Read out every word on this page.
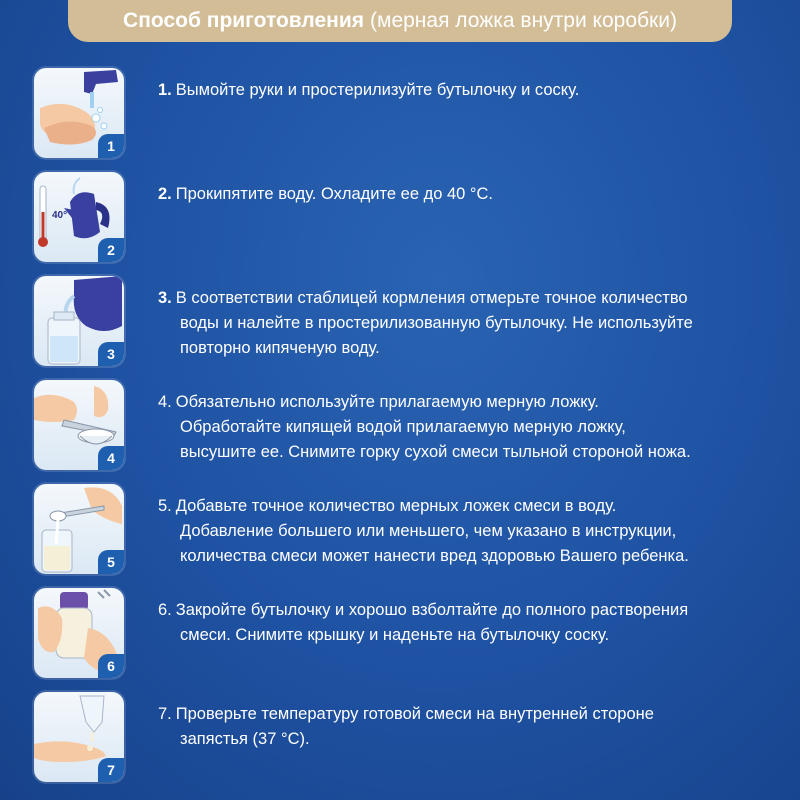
Способ приготовления (мерная ложка внутри коробки)
1
1. Вымойте руки и простерилизуйте бутылочку и соску.
40°
2
2. Прокипятите воду. Охладите ее до 40 °C.
3
3. В соответствии стаблицей кормления отмерьте точное количество
воды и налейте в простерилизованную бутылочку. Не используйте
повторно кипяченую воду.
4
4. Обязательно используйте прилагаемую мерную ложку.
Обработайте кипящей водой прилагаемую мерную ложку,
высушите ее. Снимите горку сухой смеси тыльной стороной ножа.
5
5. Добавьте точное количество мерных ложек смеси в воду.
Добавление большего или меньшего, чем указано в инструкции,
количества смеси может нанести вред здоровью Вашего ребенка.
6
6. Закройте бутылочку и хорошо взболтайте до полного растворения
смеси. Снимите крышку и наденьте на бутылочку соску.
7
7. Проверьте температуру готовой смеси на внутренней стороне
запястья (37 °C).
